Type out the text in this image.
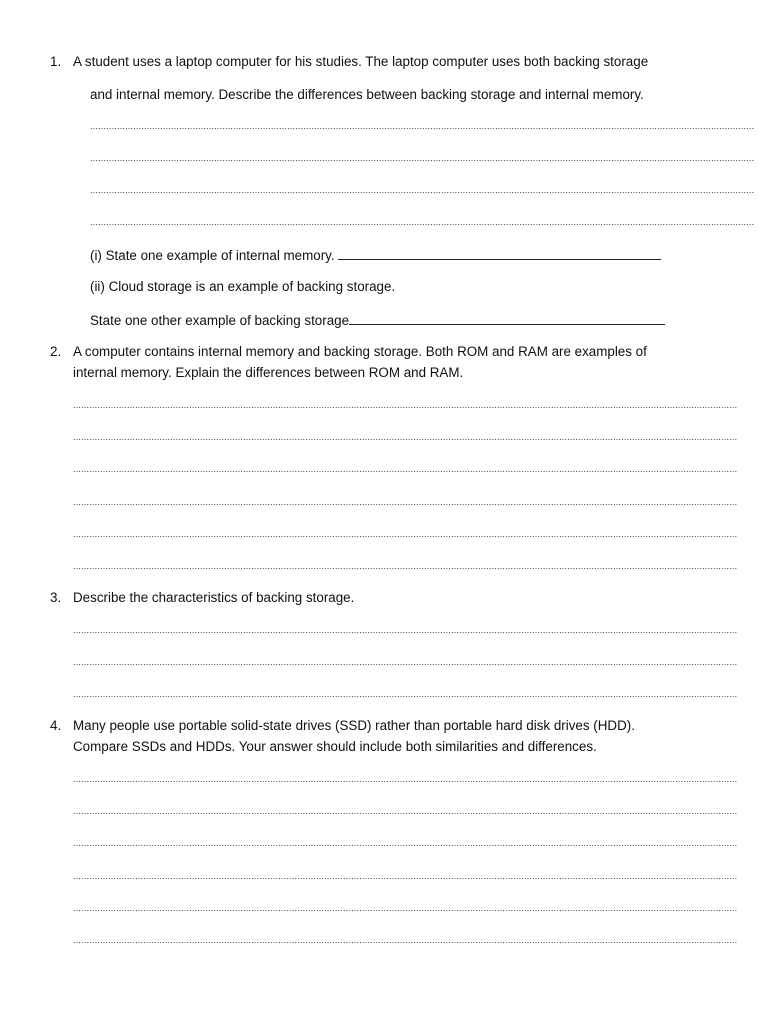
1. A student uses a laptop computer for his studies. The laptop computer uses both backing storage
and internal memory. Describe the differences between backing storage and internal memory.
......................................................................................................................................................................................................................................................
......................................................................................................................................................................................................................................................
......................................................................................................................................................................................................................................................
......................................................................................................................................................................................................................................................
(i) State one example of internal memory.
(ii) Cloud storage is an example of backing storage.
State one other example of backing storage
2. A computer contains internal memory and backing storage. Both ROM and RAM are examples of
internal memory. Explain the differences between ROM and RAM.
......................................................................................................................................................................................................................................................
......................................................................................................................................................................................................................................................
......................................................................................................................................................................................................................................................
......................................................................................................................................................................................................................................................
......................................................................................................................................................................................................................................................
......................................................................................................................................................................................................................................................
3. Describe the characteristics of backing storage.
......................................................................................................................................................................................................................................................
......................................................................................................................................................................................................................................................
......................................................................................................................................................................................................................................................
4. Many people use portable solid-state drives (SSD) rather than portable hard disk drives (HDD).
Compare SSDs and HDDs. Your answer should include both similarities and differences.
......................................................................................................................................................................................................................................................
......................................................................................................................................................................................................................................................
......................................................................................................................................................................................................................................................
......................................................................................................................................................................................................................................................
......................................................................................................................................................................................................................................................
......................................................................................................................................................................................................................................................
